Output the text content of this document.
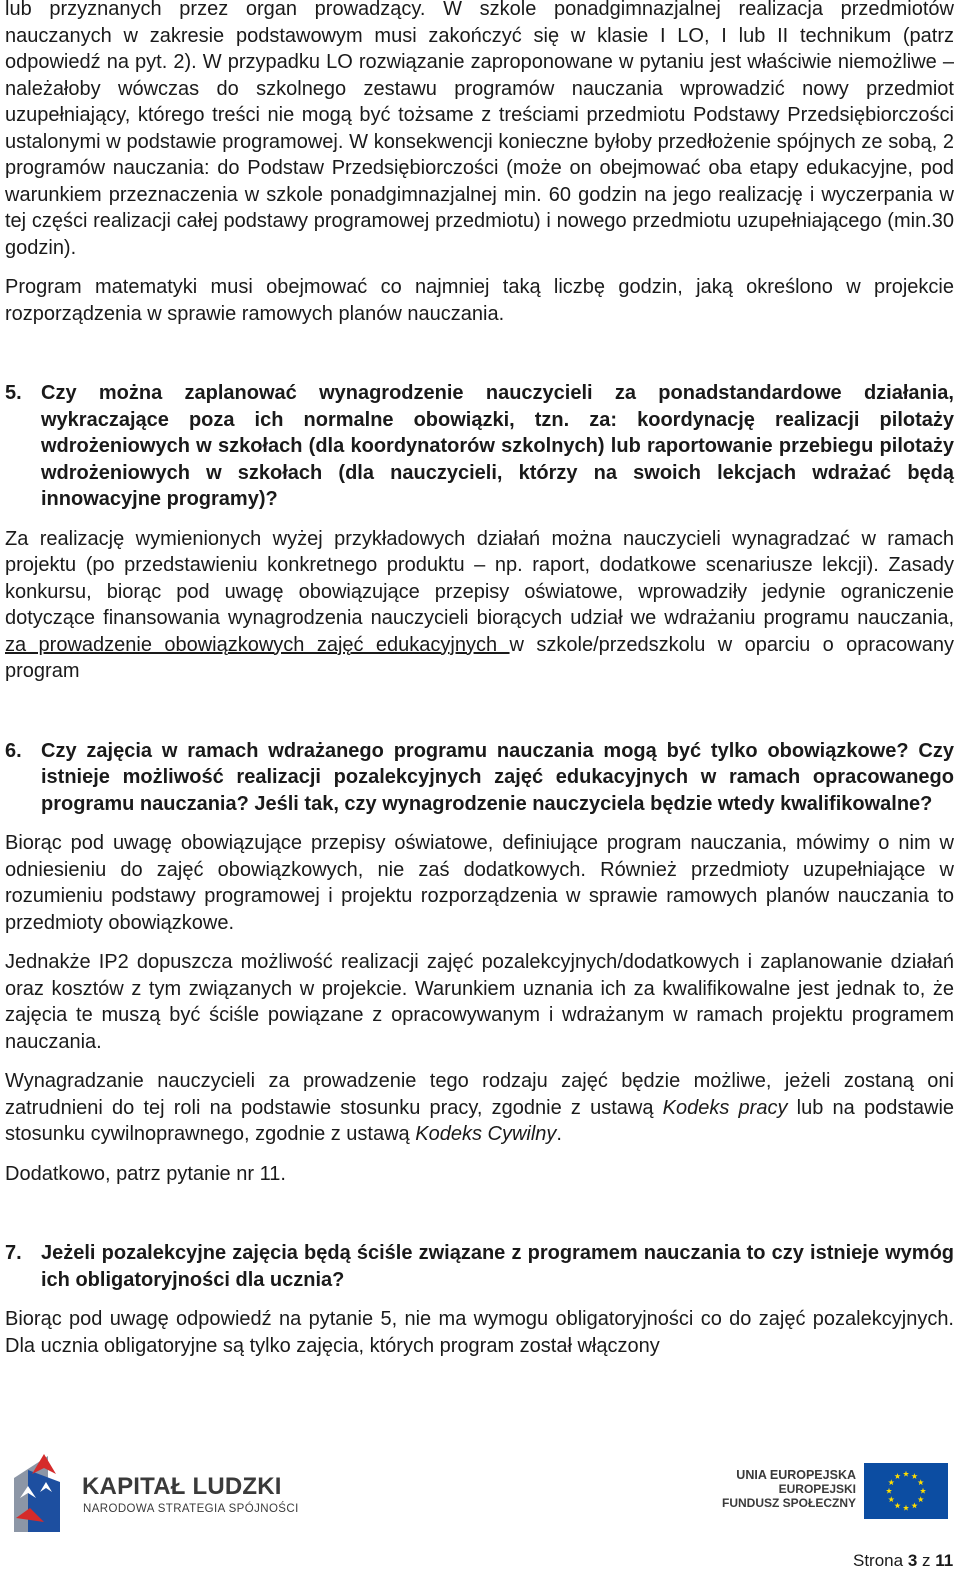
lub przyznanych przez organ prowadzący. W szkole ponadgimnazjalnej realizacja przedmiotów nauczanych w zakresie podstawowym musi zakończyć się w klasie I LO, I lub II technikum (patrz odpowiedź na pyt. 2). W przypadku LO rozwiązanie zaproponowane w pytaniu jest właściwie niemożliwe – należałoby wówczas do szkolnego zestawu programów nauczania wprowadzić nowy przedmiot uzupełniający, którego treści nie mogą być tożsame z treściami przedmiotu Podstawy Przedsiębiorczości ustalonymi w podstawie programowej. W konsekwencji konieczne byłoby przedłożenie spójnych ze sobą, 2 programów nauczania: do Podstaw Przedsiębiorczości (może on obejmować oba etapy edukacyjne, pod warunkiem przeznaczenia w szkole ponadgimnazjalnej min. 60 godzin na jego realizację i wyczerpania w tej części realizacji całej podstawy programowej przedmiotu) i nowego przedmiotu uzupełniającego (min.30 godzin).

Program matematyki musi obejmować co najmniej taką liczbę godzin, jaką określono w projekcie rozporządzenia w sprawie ramowych planów nauczania.

5. Czy można zaplanować wynagrodzenie nauczycieli za ponadstandardowe działania, wykraczające poza ich normalne obowiązki, tzn. za: koordynację realizacji pilotaży wdrożeniowych w szkołach (dla koordynatorów szkolnych) lub raportowanie przebiegu pilotaży wdrożeniowych w szkołach (dla nauczycieli, którzy na swoich lekcjach wdrażać będą innowacyjne programy)?

Za realizację wymienionych wyżej przykładowych działań można nauczycieli wynagradzać w ramach projektu (po przedstawieniu konkretnego produktu – np. raport, dodatkowe scenariusze lekcji). Zasady konkursu, biorąc pod uwagę obowiązujące przepisy oświatowe, wprowadziły jedynie ograniczenie dotyczące finansowania wynagrodzenia nauczycieli biorących udział we wdrażaniu programu nauczania, za prowadzenie obowiązkowych zajęć edukacyjnych w szkole/przedszkolu w oparciu o opracowany program

6. Czy zajęcia w ramach wdrażanego programu nauczania mogą być tylko obowiązkowe? Czy istnieje możliwość realizacji pozalekcyjnych zajęć edukacyjnych w ramach opracowanego programu nauczania? Jeśli tak, czy wynagrodzenie nauczyciela będzie wtedy kwalifikowalne?

Biorąc pod uwagę obowiązujące przepisy oświatowe, definiujące program nauczania, mówimy o nim w odniesieniu do zajęć obowiązkowych, nie zaś dodatkowych. Również przedmioty uzupełniające w rozumieniu podstawy programowej i projektu rozporządzenia w sprawie ramowych planów nauczania to przedmioty obowiązkowe.

Jednakże IP2 dopuszcza możliwość realizacji zajęć pozalekcyjnych/dodatkowych i zaplanowanie działań oraz kosztów z tym związanych w projekcie. Warunkiem uznania ich za kwalifikowalne jest jednak to, że zajęcia te muszą być ściśle powiązane z opracowywanym i wdrażanym w ramach projektu programem nauczania.

Wynagradzanie nauczycieli za prowadzenie tego rodzaju zajęć będzie możliwe, jeżeli zostaną oni zatrudnieni do tej roli na podstawie stosunku pracy, zgodnie z ustawą Kodeks pracy lub na podstawie stosunku cywilnoprawnego, zgodnie z ustawą Kodeks Cywilny.

Dodatkowo, patrz pytanie nr 11.

7. Jeżeli pozalekcyjne zajęcia będą ściśle związane z programem nauczania to czy istnieje wymóg ich obligatoryjności dla ucznia?

Biorąc pod uwagę odpowiedź na pytanie 5, nie ma wymogu obligatoryjności co do zajęć pozalekcyjnych. Dla ucznia obligatoryjne są tylko zajęcia, których program został włączony

KAPITAŁ LUDZKI
NARODOWA STRATEGIA SPÓJNOŚCI
UNIA EUROPEJSKA
EUROPEJSKI
FUNDUSZ SPOŁECZNY
Strona 3 z 11
